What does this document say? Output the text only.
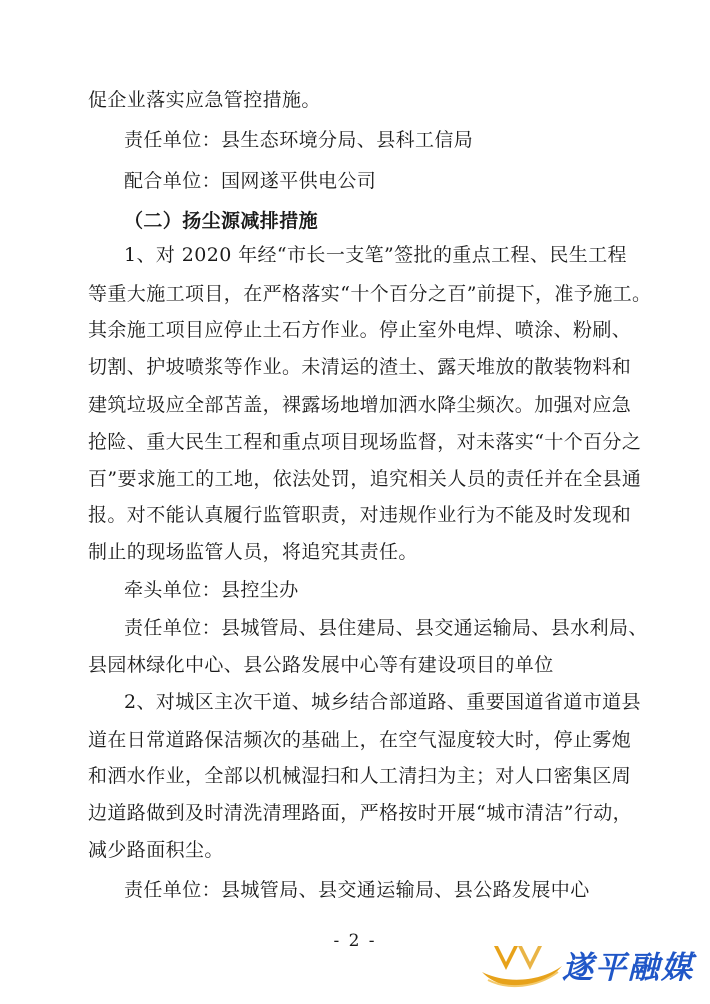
促企业落实应急管控措施。
责任单位：县生态环境分局、县科工信局
配合单位：国网遂平供电公司
（二）扬尘源减排措施
1、对 2020 年经“市长一支笔”签批的重点工程、民生工程
等重大施工项目，在严格落实“十个百分之百”前提下，准予施工。
其余施工项目应停止土石方作业。停止室外电焊、喷涂、粉刷、
切割、护坡喷浆等作业。未清运的渣土、露天堆放的散装物料和
建筑垃圾应全部苫盖，裸露场地增加洒水降尘频次。加强对应急
抢险、重大民生工程和重点项目现场监督，对未落实“十个百分之
百”要求施工的工地，依法处罚，追究相关人员的责任并在全县通
报。对不能认真履行监管职责，对违规作业行为不能及时发现和
制止的现场监管人员，将追究其责任。
牵头单位：县控尘办
责任单位：县城管局、县住建局、县交通运输局、县水利局、
县园林绿化中心、县公路发展中心等有建设项目的单位
2、对城区主次干道、城乡结合部道路、重要国道省道市道县
道在日常道路保洁频次的基础上，在空气湿度较大时，停止雾炮
和洒水作业，全部以机械湿扫和人工清扫为主；对人口密集区周
边道路做到及时清洗清理路面，严格按时开展“城市清洁”行动，
减少路面积尘。
责任单位：县城管局、县交通运输局、县公路发展中心
- 2 -
遂平融媒
